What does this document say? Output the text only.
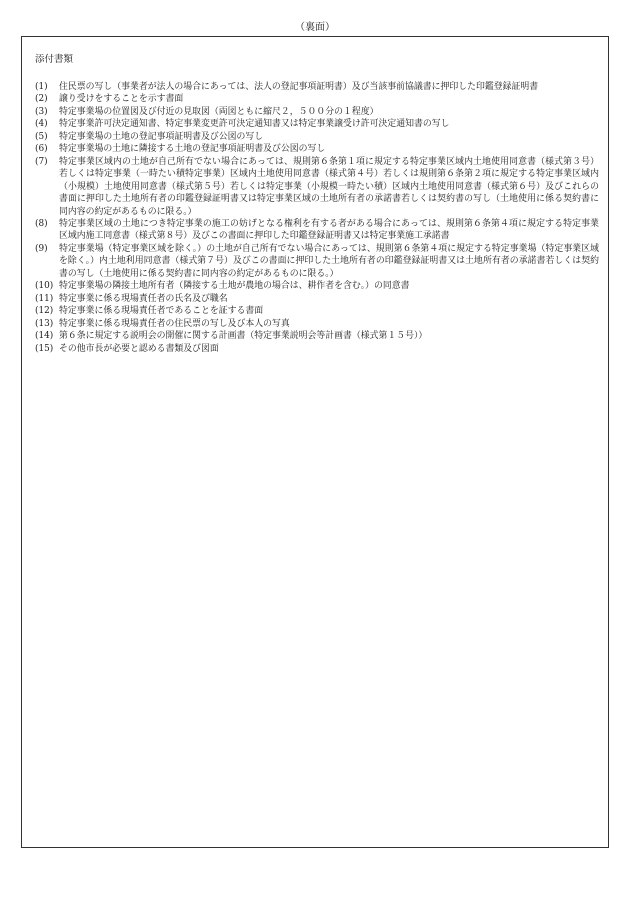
（裏面）
添付書類
(1)	住民票の写し（事業者が法人の場合にあっては、法人の登記事項証明書）及び当該事前協議書に押印した印鑑登録証明書
(2)	譲り受けをすることを示す書面
(3)	特定事業場の位置図及び付近の見取図（両図ともに縮尺２，５００分の１程度）
(4)	特定事業許可決定通知書、特定事業変更許可決定通知書又は特定事業譲受け許可決定通知書の写し
(5)	特定事業場の土地の登記事項証明書及び公図の写し
(6)	特定事業場の土地に隣接する土地の登記事項証明書及び公図の写し
(7)	特定事業区域内の土地が自己所有でない場合にあっては、規則第６条第１項に規定する特定事業区域内土地使用同意書（様式第３号）若しくは特定事業（一時たい積特定事業）区域内土地使用同意書（様式第４号）若しくは規則第６条第２項に規定する特定事業区域内（小規模）土地使用同意書（様式第５号）若しくは特定事業（小規模一時たい積）区域内土地使用同意書（様式第６号）及びこれらの書面に押印した土地所有者の印鑑登録証明書又は特定事業区域の土地所有者の承諾書若しくは契約書の写し（土地使用に係る契約書に同内容の約定があるものに限る。）
(8)	特定事業区域の土地につき特定事業の施工の妨げとなる権利を有する者がある場合にあっては、規則第６条第４項に規定する特定事業区域内施工同意書（様式第８号）及びこの書面に押印した印鑑登録証明書又は特定事業施工承諾書
(9)	特定事業場（特定事業区域を除く。）の土地が自己所有でない場合にあっては、規則第６条第４項に規定する特定事業場（特定事業区域を除く。）内土地利用同意書（様式第７号）及びこの書面に押印した土地所有者の印鑑登録証明書又は土地所有者の承諾書若しくは契約書の写し（土地使用に係る契約書に同内容の約定があるものに限る。）
(10) 特定事業場の隣接土地所有者（隣接する土地が農地の場合は、耕作者を含む。）の同意書
(11) 特定事業に係る現場責任者の氏名及び職名
(12) 特定事業に係る現場責任者であることを証する書面
(13) 特定事業に係る現場責任者の住民票の写し及び本人の写真
(14) 第６条に規定する説明会の開催に関する計画書（特定事業説明会等計画書（様式第１５号））
(15) その他市長が必要と認める書類及び図面
